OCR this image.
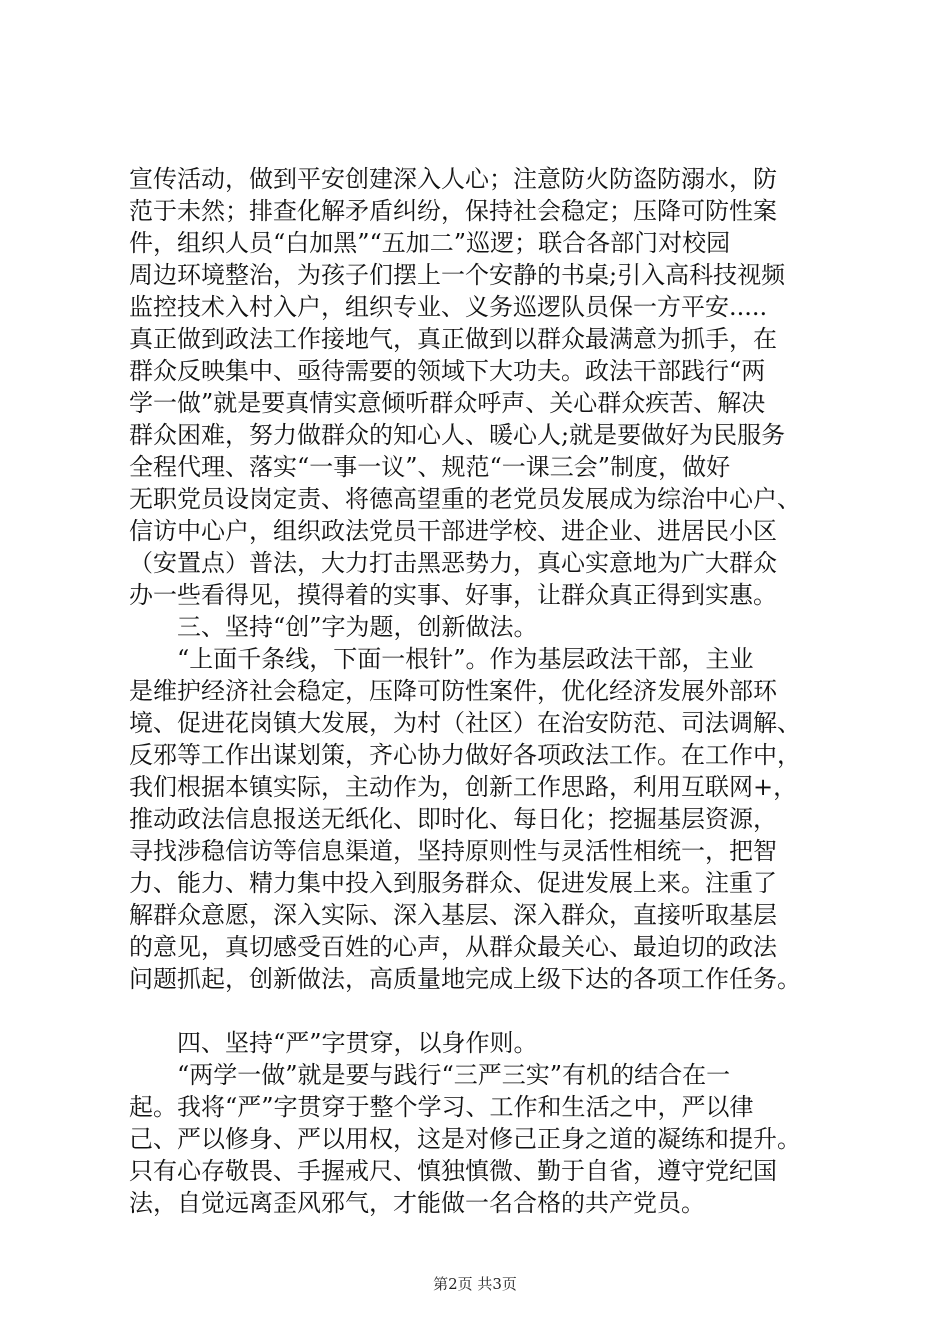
宣传活动，做到平安创建深入人心；注意防火防盗防溺水，防
范于未然；排查化解矛盾纠纷，保持社会稳定；压降可防性案
件，组织人员“白加黑”“五加二”巡逻；联合各部门对校园
周边环境整治，为孩子们摆上一个安静的书桌;引入高科技视频
监控技术入村入户，组织专业、义务巡逻队员保一方平安.....
真正做到政法工作接地气，真正做到以群众最满意为抓手，在
群众反映集中、亟待需要的领域下大功夫。政法干部践行“两
学一做”就是要真情实意倾听群众呼声、关心群众疾苦、解决
群众困难，努力做群众的知心人、暖心人;就是要做好为民服务
全程代理、落实“一事一议”、规范“一课三会”制度，做好
无职党员设岗定责、将德高望重的老党员发展成为综治中心户、
信访中心户，组织政法党员干部进学校、进企业、进居民小区
（安置点）普法，大力打击黑恶势力，真心实意地为广大群众
办一些看得见，摸得着的实事、好事，让群众真正得到实惠。
　　三、坚持“创”字为题，创新做法。
　　“上面千条线，下面一根针”。作为基层政法干部，主业
是维护经济社会稳定，压降可防性案件，优化经济发展外部环
境、促进花岗镇大发展，为村（社区）在治安防范、司法调解、
反邪等工作出谋划策，齐心协力做好各项政法工作。在工作中，
我们根据本镇实际，主动作为，创新工作思路，利用互联网+，
推动政法信息报送无纸化、即时化、每日化；挖掘基层资源，
寻找涉稳信访等信息渠道，坚持原则性与灵活性相统一，把智
力、能力、精力集中投入到服务群众、促进发展上来。注重了
解群众意愿，深入实际、深入基层、深入群众，直接听取基层
的意见，真切感受百姓的心声，从群众最关心、最迫切的政法
问题抓起，创新做法，高质量地完成上级下达的各项工作任务。
　　四、坚持“严”字贯穿，以身作则。
　　“两学一做”就是要与践行“三严三实”有机的结合在一
起。我将“严”字贯穿于整个学习、工作和生活之中，严以律
己、严以修身、严以用权，这是对修己正身之道的凝练和提升。
只有心存敬畏、手握戒尺、慎独慎微、勤于自省，遵守党纪国
法，自觉远离歪风邪气，才能做一名合格的共产党员。
第2页 共3页
